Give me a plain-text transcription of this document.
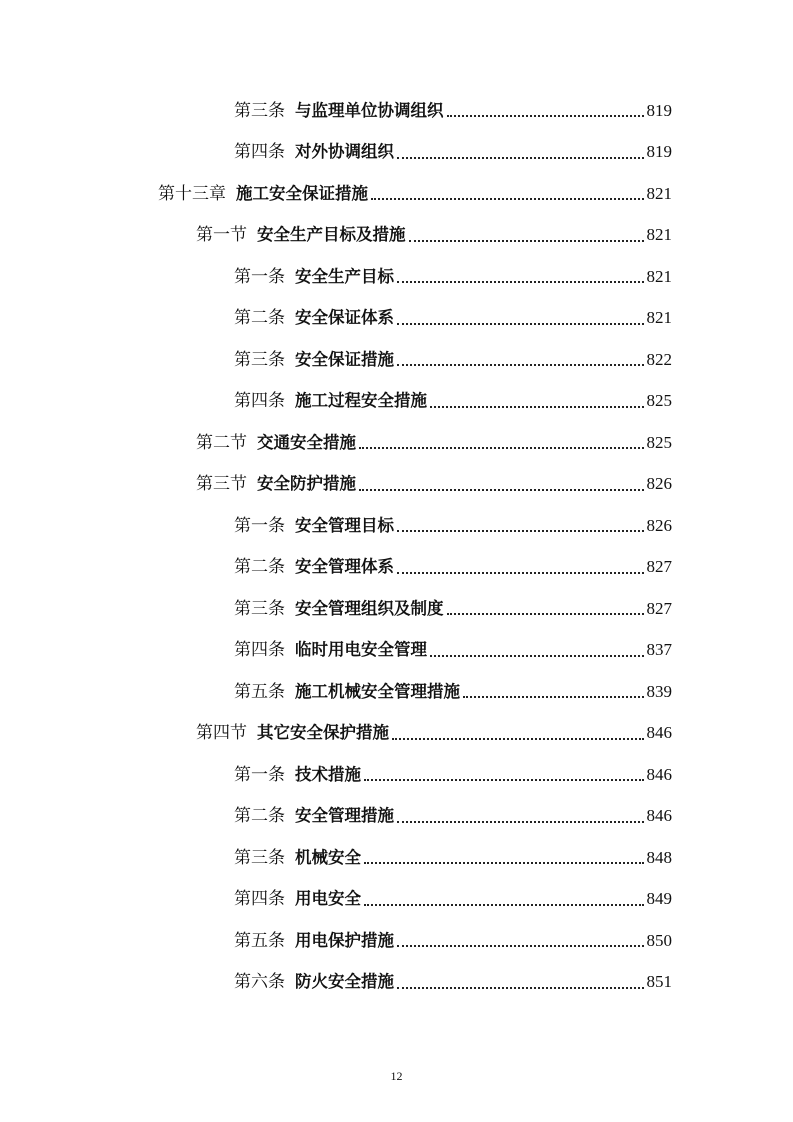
第三条 与监理单位协调组织	819
第四条 对外协调组织	819
第十三章 施工安全保证措施	821
第一节 安全生产目标及措施	821
第一条 安全生产目标	821
第二条 安全保证体系	821
第三条 安全保证措施	822
第四条 施工过程安全措施	825
第二节 交通安全措施	825
第三节 安全防护措施	826
第一条 安全管理目标	826
第二条 安全管理体系	827
第三条 安全管理组织及制度	827
第四条 临时用电安全管理	837
第五条 施工机械安全管理措施	839
第四节 其它安全保护措施	846
第一条 技术措施	846
第二条 安全管理措施	846
第三条 机械安全	848
第四条 用电安全	849
第五条 用电保护措施	850
第六条 防火安全措施	851
12
